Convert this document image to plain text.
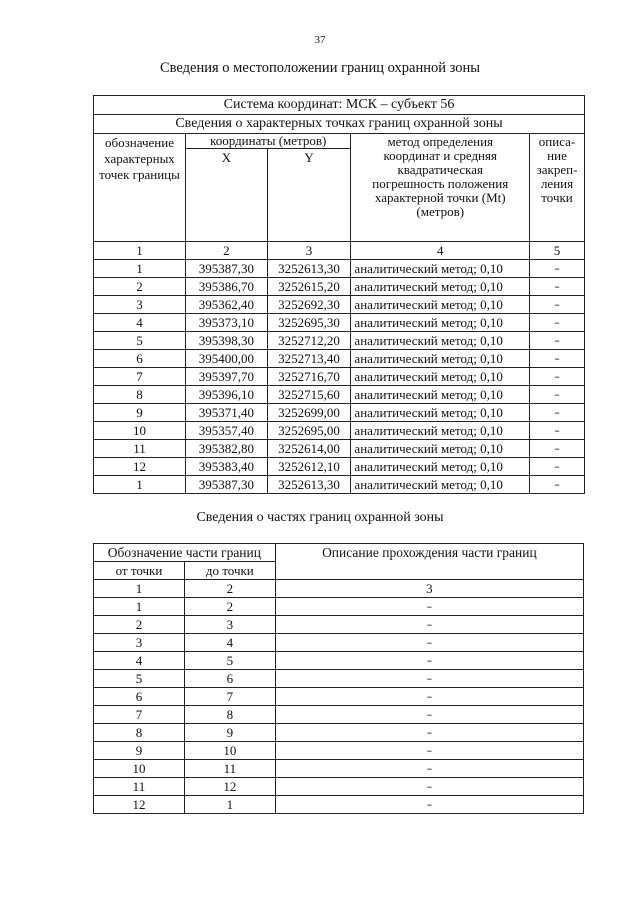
37
Сведения о местоположении границ охранной зоны
Система координат: МСК – субъект 56				
Сведения о характерных точках границ охранной зоны				
обозначение
характерных точек границы	координаты (метров)		метод определения координат и средняя квадратическая погрешность положения характерной точки (Mt) (метров)	описа- ние закреп- ления точки
	X	Y		
1	2	3	4	5
1	395387,30	3252613,30	аналитический метод; 0,10	–
2	395386,70	3252615,20	аналитический метод; 0,10	–
3	395362,40	3252692,30	аналитический метод; 0,10	–
4	395373,10	3252695,30	аналитический метод; 0,10	–
5	395398,30	3252712,20	аналитический метод; 0,10	–
6	395400,00	3252713,40	аналитический метод; 0,10	–
7	395397,70	3252716,70	аналитический метод; 0,10	–
8	395396,10	3252715,60	аналитический метод; 0,10	–
9	395371,40	3252699,00	аналитический метод; 0,10	–
10	395357,40	3252695,00	аналитический метод; 0,10	–
11	395382,80	3252614,00	аналитический метод; 0,10	–
12	395383,40	3252612,10	аналитический метод; 0,10	–
1	395387,30	3252613,30	аналитический метод; 0,10	–
Сведения о частях границ охранной зоны
Обозначение части границ		Описание прохождения части границ
от точки	до точки	
1	2	3
1	2	–
2	3	–
3	4	–
4	5	–
5	6	–
6	7	–
7	8	–
8	9	–
9	10	–
10	11	–
11	12	–
12	1	–
